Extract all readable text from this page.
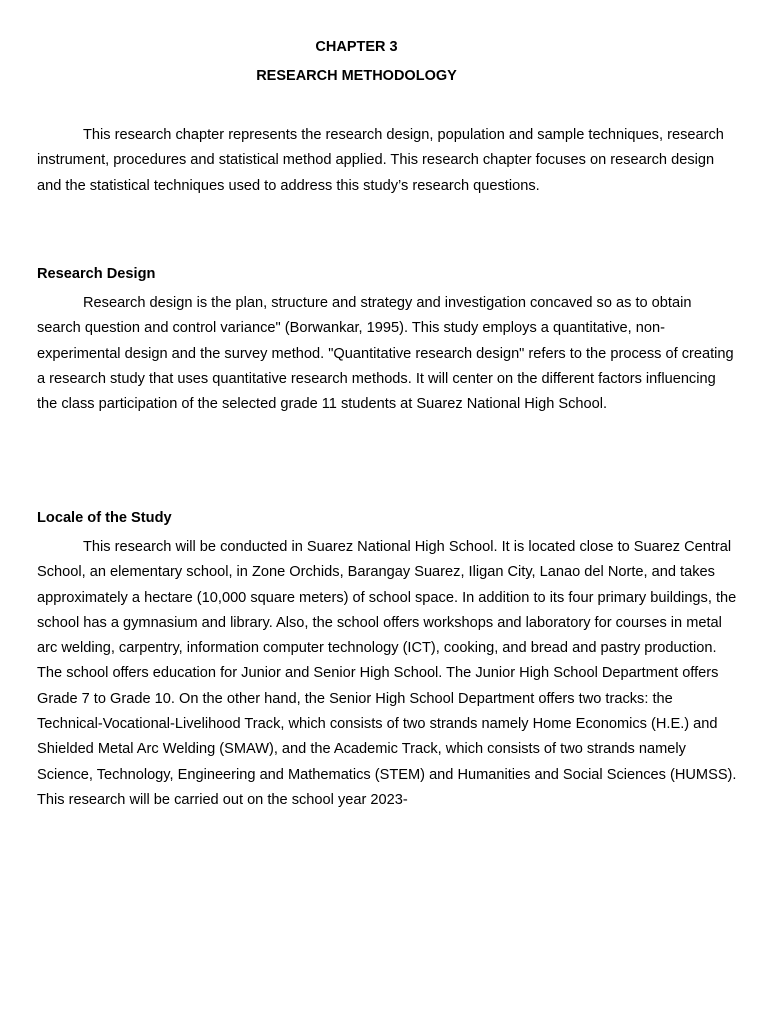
CHAPTER 3
RESEARCH METHODOLOGY

This research chapter represents the research design, population and sample techniques, research instrument, procedures and statistical method applied. This research chapter focuses on research design and the statistical techniques used to address this study’s research questions.

Research Design

Research design is the plan, structure and strategy and investigation concaved so as to obtain search question and control variance" (Borwankar, 1995). This study employs a quantitative, non-experimental design and the survey method. "Quantitative research design" refers to the process of creating a research study that uses quantitative research methods. It will center on the different factors influencing the class participation of the selected grade 11 students at Suarez National High School.

Locale of the Study

This research will be conducted in Suarez National High School. It is located close to Suarez Central School, an elementary school, in Zone Orchids, Barangay Suarez, Iligan City, Lanao del Norte, and takes approximately a hectare (10,000 square meters) of school space. In addition to its four primary buildings, the school has a gymnasium and library. Also, the school offers workshops and laboratory for courses in metal arc welding, carpentry, information computer technology (ICT), cooking, and bread and pastry production. The school offers education for Junior and Senior High School. The Junior High School Department offers Grade 7 to Grade 10. On the other hand, the Senior High School Department offers two tracks: the Technical-Vocational-Livelihood Track, which consists of two strands namely Home Economics (H.E.) and Shielded Metal Arc Welding (SMAW), and the Academic Track, which consists of two strands namely Science, Technology, Engineering and Mathematics (STEM) and Humanities and Social Sciences (HUMSS). This research will be carried out on the school year 2023-
